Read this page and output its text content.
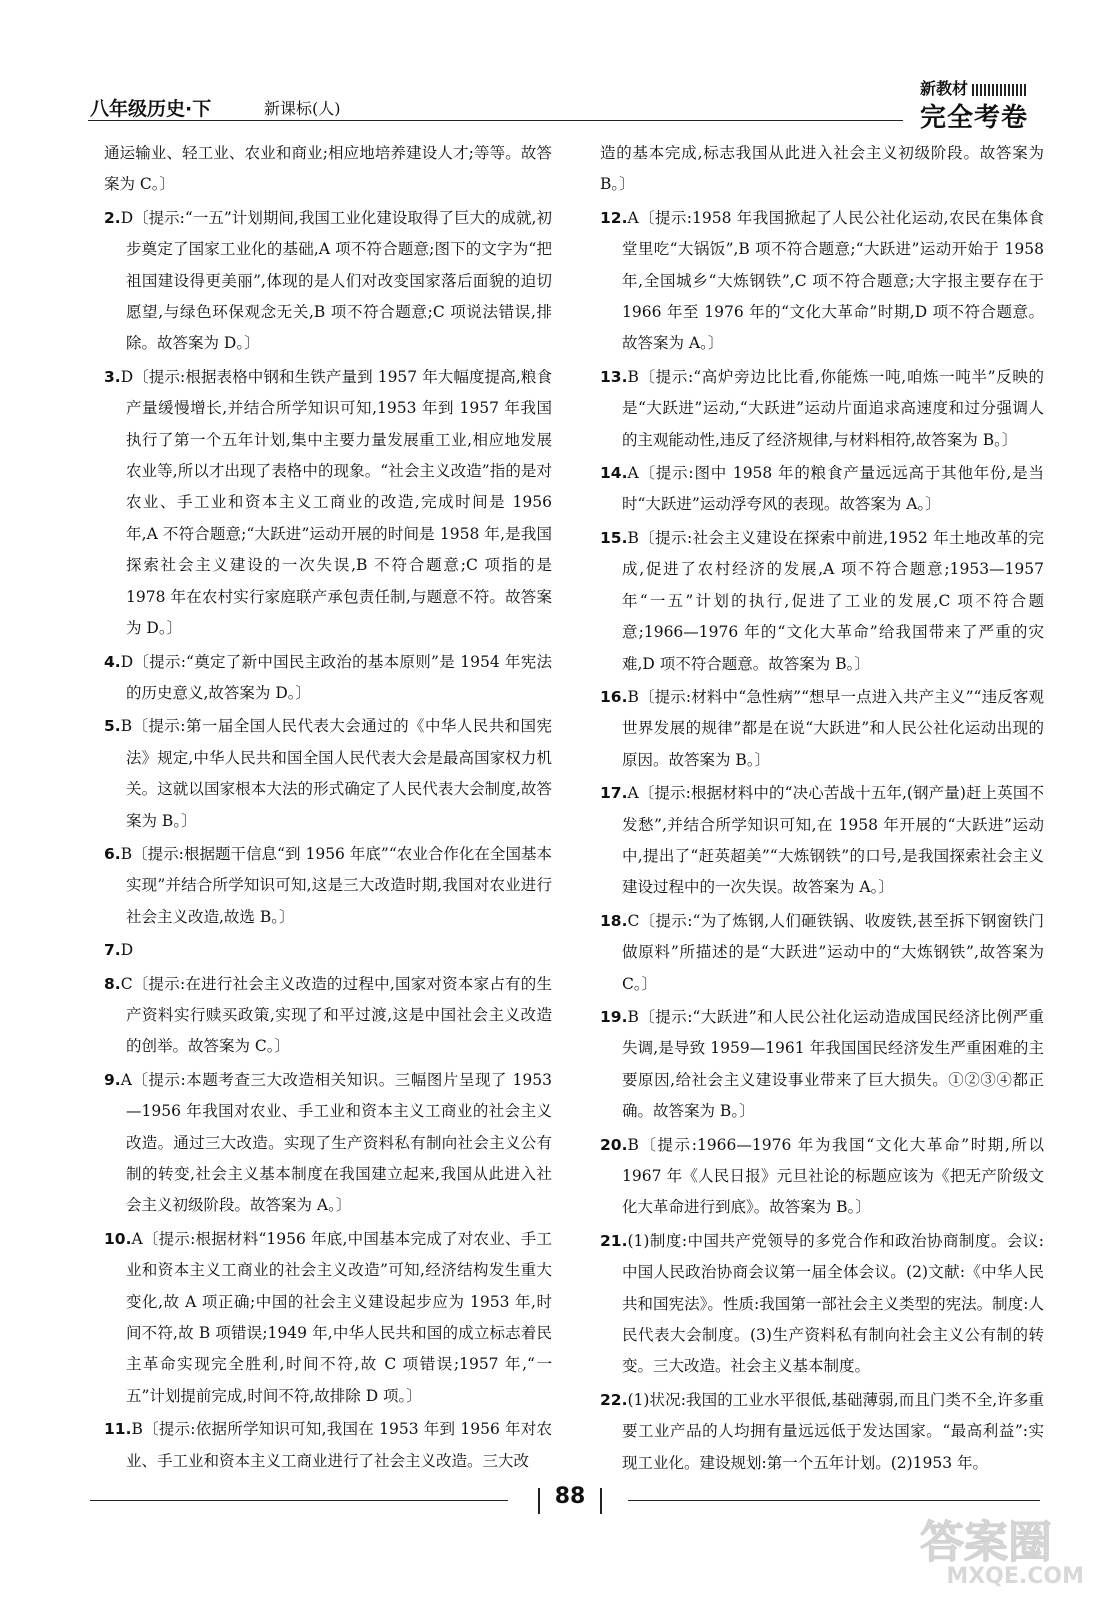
八年级历史·下	新课标(人)
新教材
完全考卷

通运输业、轻工业、农业和商业;相应地培养建设人才;等等。故答案为 C。〕

2.D〔提示:“一五”计划期间,我国工业化建设取得了巨大的成就,初步奠定了国家工业化的基础,A 项不符合题意;图下的文字为“把祖国建设得更美丽”,体现的是人们对改变国家落后面貌的迫切愿望,与绿色环保观念无关,B 项不符合题意;C 项说法错误,排除。故答案为 D。〕

3.D〔提示:根据表格中钢和生铁产量到 1957 年大幅度提高,粮食产量缓慢增长,并结合所学知识可知,1953 年到 1957 年我国执行了第一个五年计划,集中主要力量发展重工业,相应地发展农业等,所以才出现了表格中的现象。“社会主义改造”指的是对农业、手工业和资本主义工商业的改造,完成时间是 1956 年,A 不符合题意;“大跃进”运动开展的时间是 1958 年,是我国探索社会主义建设的一次失误,B 不符合题意;C 项指的是 1978 年在农村实行家庭联产承包责任制,与题意不符。故答案为 D。〕

4.D〔提示:“奠定了新中国民主政治的基本原则”是 1954 年宪法的历史意义,故答案为 D。〕

5.B〔提示:第一届全国人民代表大会通过的《中华人民共和国宪法》规定,中华人民共和国全国人民代表大会是最高国家权力机关。这就以国家根本大法的形式确定了人民代表大会制度,故答案为 B。〕

6.B〔提示:根据题干信息“到 1956 年底”“农业合作化在全国基本实现”并结合所学知识可知,这是三大改造时期,我国对农业进行社会主义改造,故选 B。〕

7.D

8.C〔提示:在进行社会主义改造的过程中,国家对资本家占有的生产资料实行赎买政策,实现了和平过渡,这是中国社会主义改造的创举。故答案为 C。〕

9.A〔提示:本题考查三大改造相关知识。三幅图片呈现了 1953—1956 年我国对农业、手工业和资本主义工商业的社会主义改造。通过三大改造。实现了生产资料私有制向社会主义公有制的转变,社会主义基本制度在我国建立起来,我国从此进入社会主义初级阶段。故答案为 A。〕

10.A〔提示:根据材料“1956 年底,中国基本完成了对农业、手工业和资本主义工商业的社会主义改造”可知,经济结构发生重大变化,故 A 项正确;中国的社会主义建设起步应为 1953 年,时间不符,故 B 项错误;1949 年,中华人民共和国的成立标志着民主革命实现完全胜利,时间不符,故 C 项错误;1957 年,“一五”计划提前完成,时间不符,故排除 D 项。〕

11.B〔提示:依据所学知识可知,我国在 1953 年到 1956 年对农业、手工业和资本主义工商业进行了社会主义改造。三大改

造的基本完成,标志我国从此进入社会主义初级阶段。故答案为 B。〕

12.A〔提示:1958 年我国掀起了人民公社化运动,农民在集体食堂里吃“大锅饭”,B 项不符合题意;“大跃进”运动开始于 1958 年,全国城乡“大炼钢铁”,C 项不符合题意;大字报主要存在于 1966 年至 1976 年的“文化大革命”时期,D 项不符合题意。故答案为 A。〕

13.B〔提示:“高炉旁边比比看,你能炼一吨,咱炼一吨半”反映的是“大跃进”运动,“大跃进”运动片面追求高速度和过分强调人的主观能动性,违反了经济规律,与材料相符,故答案为 B。〕

14.A〔提示:图中 1958 年的粮食产量远远高于其他年份,是当时“大跃进”运动浮夸风的表现。故答案为 A。〕

15.B〔提示:社会主义建设在探索中前进,1952 年土地改革的完成,促进了农村经济的发展,A 项不符合题意;1953—1957 年“一五”计划的执行,促进了工业的发展,C 项不符合题意;1966—1976 年的“文化大革命”给我国带来了严重的灾难,D 项不符合题意。故答案为 B。〕

16.B〔提示:材料中“急性病”“想早一点进入共产主义”“违反客观世界发展的规律”都是在说“大跃进”和人民公社化运动出现的原因。故答案为 B。〕

17.A〔提示:根据材料中的“决心苦战十五年,(钢产量)赶上英国不发愁”,并结合所学知识可知,在 1958 年开展的“大跃进”运动中,提出了“赶英超美”“大炼钢铁”的口号,是我国探索社会主义建设过程中的一次失误。故答案为 A。〕

18.C〔提示:“为了炼钢,人们砸铁锅、收废铁,甚至拆下钢窗铁门做原料”所描述的是“大跃进”运动中的“大炼钢铁”,故答案为 C。〕

19.B〔提示:“大跃进”和人民公社化运动造成国民经济比例严重失调,是导致 1959—1961 年我国国民经济发生严重困难的主要原因,给社会主义建设事业带来了巨大损失。①②③④都正确。故答案为 B。〕

20.B〔提示:1966—1976 年为我国“文化大革命”时期,所以 1967 年《人民日报》元旦社论的标题应该为《把无产阶级文化大革命进行到底》。故答案为 B。〕

21.(1)制度:中国共产党领导的多党合作和政治协商制度。会议:中国人民政治协商会议第一届全体会议。(2)文献:《中华人民共和国宪法》。性质:我国第一部社会主义类型的宪法。制度:人民代表大会制度。(3)生产资料私有制向社会主义公有制的转变。三大改造。社会主义基本制度。

22.(1)状况:我国的工业水平很低,基础薄弱,而且门类不全,许多重要工业产品的人均拥有量远远低于发达国家。“最高利益”:实现工业化。建设规划:第一个五年计划。(2)1953 年。

88
答案圈
MXQE.COM
